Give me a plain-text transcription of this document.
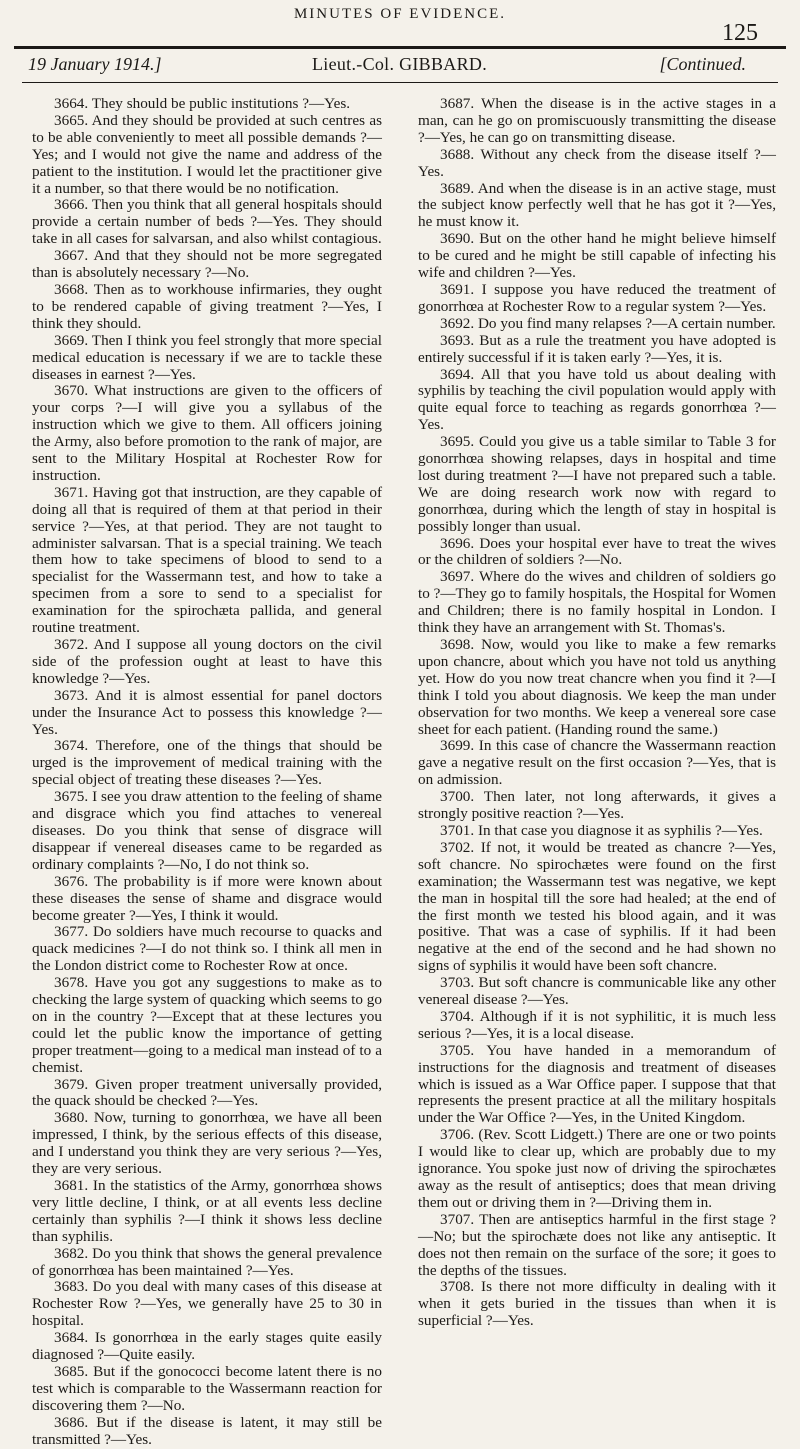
MINUTES OF EVIDENCE.
125
19 January 1914.]	Lieut.-Col. GIBBARD.	[Continued.

3664. They should be public institutions ?—Yes.

3665. And they should be provided at such centres as to be able conveniently to meet all possible demands ?—Yes; and I would not give the name and address of the patient to the institution. I would let the practitioner give it a number, so that there would be no notification.

3666. Then you think that all general hospitals should provide a certain number of beds ?—Yes. They should take in all cases for salvarsan, and also whilst contagious.

3667. And that they should not be more segregated than is absolutely necessary ?—No.

3668. Then as to workhouse infirmaries, they ought to be rendered capable of giving treatment ?—Yes, I think they should.

3669. Then I think you feel strongly that more special medical education is necessary if we are to tackle these diseases in earnest ?—Yes.

3670. What instructions are given to the officers of your corps ?—I will give you a syllabus of the instruction which we give to them. All officers joining the Army, also before promotion to the rank of major, are sent to the Military Hospital at Rochester Row for instruction.

3671. Having got that instruction, are they capable of doing all that is required of them at that period in their service ?—Yes, at that period. They are not taught to administer salvarsan. That is a special training. We teach them how to take specimens of blood to send to a specialist for the Wassermann test, and how to take a specimen from a sore to send to a specialist for examination for the spirochæta pallida, and general routine treatment.

3672. And I suppose all young doctors on the civil side of the profession ought at least to have this knowledge ?—Yes.

3673. And it is almost essential for panel doctors under the Insurance Act to possess this knowledge ?—Yes.

3674. Therefore, one of the things that should be urged is the improvement of medical training with the special object of treating these diseases ?—Yes.

3675. I see you draw attention to the feeling of shame and disgrace which you find attaches to venereal diseases. Do you think that sense of disgrace will disappear if venereal diseases came to be regarded as ordinary complaints ?—No, I do not think so.

3676. The probability is if more were known about these diseases the sense of shame and disgrace would become greater ?—Yes, I think it would.

3677. Do soldiers have much recourse to quacks and quack medicines ?—I do not think so. I think all men in the London district come to Rochester Row at once.

3678. Have you got any suggestions to make as to checking the large system of quacking which seems to go on in the country ?—Except that at these lectures you could let the public know the importance of getting proper treatment—going to a medical man instead of to a chemist.

3679. Given proper treatment universally provided, the quack should be checked ?—Yes.

3680. Now, turning to gonorrhœa, we have all been impressed, I think, by the serious effects of this disease, and I understand you think they are very serious ?—Yes, they are very serious.

3681. In the statistics of the Army, gonorrhœa shows very little decline, I think, or at all events less decline certainly than syphilis ?—I think it shows less decline than syphilis.

3682. Do you think that shows the general prevalence of gonorrhœa has been maintained ?—Yes.

3683. Do you deal with many cases of this disease at Rochester Row ?—Yes, we generally have 25 to 30 in hospital.

3684. Is gonorrhœa in the early stages quite easily diagnosed ?—Quite easily.

3685. But if the gonococci become latent there is no test which is comparable to the Wassermann reaction for discovering them ?—No.

3686. But if the disease is latent, it may still be transmitted ?—Yes.

3687. When the disease is in the active stages in a man, can he go on promiscuously transmitting the disease ?—Yes, he can go on transmitting disease.

3688. Without any check from the disease itself ?—Yes.

3689. And when the disease is in an active stage, must the subject know perfectly well that he has got it ?—Yes, he must know it.

3690. But on the other hand he might believe himself to be cured and he might be still capable of infecting his wife and children ?—Yes.

3691. I suppose you have reduced the treatment of gonorrhœa at Rochester Row to a regular system ?—Yes.

3692. Do you find many relapses ?—A certain number.

3693. But as a rule the treatment you have adopted is entirely successful if it is taken early ?—Yes, it is.

3694. All that you have told us about dealing with syphilis by teaching the civil population would apply with quite equal force to teaching as regards gonorrhœa ?—Yes.

3695. Could you give us a table similar to Table 3 for gonorrhœa showing relapses, days in hospital and time lost during treatment ?—I have not prepared such a table. We are doing research work now with regard to gonorrhœa, during which the length of stay in hospital is possibly longer than usual.

3696. Does your hospital ever have to treat the wives or the children of soldiers ?—No.

3697. Where do the wives and children of soldiers go to ?—They go to family hospitals, the Hospital for Women and Children; there is no family hospital in London. I think they have an arrangement with St. Thomas's.

3698. Now, would you like to make a few remarks upon chancre, about which you have not told us anything yet. How do you now treat chancre when you find it ?—I think I told you about diagnosis. We keep the man under observation for two months. We keep a venereal sore case sheet for each patient. (Handing round the same.)

3699. In this case of chancre the Wassermann reaction gave a negative result on the first occasion ?—Yes, that is on admission.

3700. Then later, not long afterwards, it gives a strongly positive reaction ?—Yes.

3701. In that case you diagnose it as syphilis ?—Yes.

3702. If not, it would be treated as chancre ?—Yes, soft chancre. No spirochætes were found on the first examination; the Wassermann test was negative, we kept the man in hospital till the sore had healed; at the end of the first month we tested his blood again, and it was positive. That was a case of syphilis. If it had been negative at the end of the second and he had shown no signs of syphilis it would have been soft chancre.

3703. But soft chancre is communicable like any other venereal disease ?—Yes.

3704. Although if it is not syphilitic, it is much less serious ?—Yes, it is a local disease.

3705. You have handed in a memorandum of instructions for the diagnosis and treatment of diseases which is issued as a War Office paper. I suppose that that represents the present practice at all the military hospitals under the War Office ?—Yes, in the United Kingdom.

3706. (Rev. Scott Lidgett.) There are one or two points I would like to clear up, which are probably due to my ignorance. You spoke just now of driving the spirochætes away as the result of antiseptics; does that mean driving them out or driving them in ?—Driving them in.

3707. Then are antiseptics harmful in the first stage ?—No; but the spirochæte does not like any antiseptic. It does not then remain on the surface of the sore; it goes to the depths of the tissues.

3708. Is there not more difficulty in dealing with it when it gets buried in the tissues than when it is superficial ?—Yes.
